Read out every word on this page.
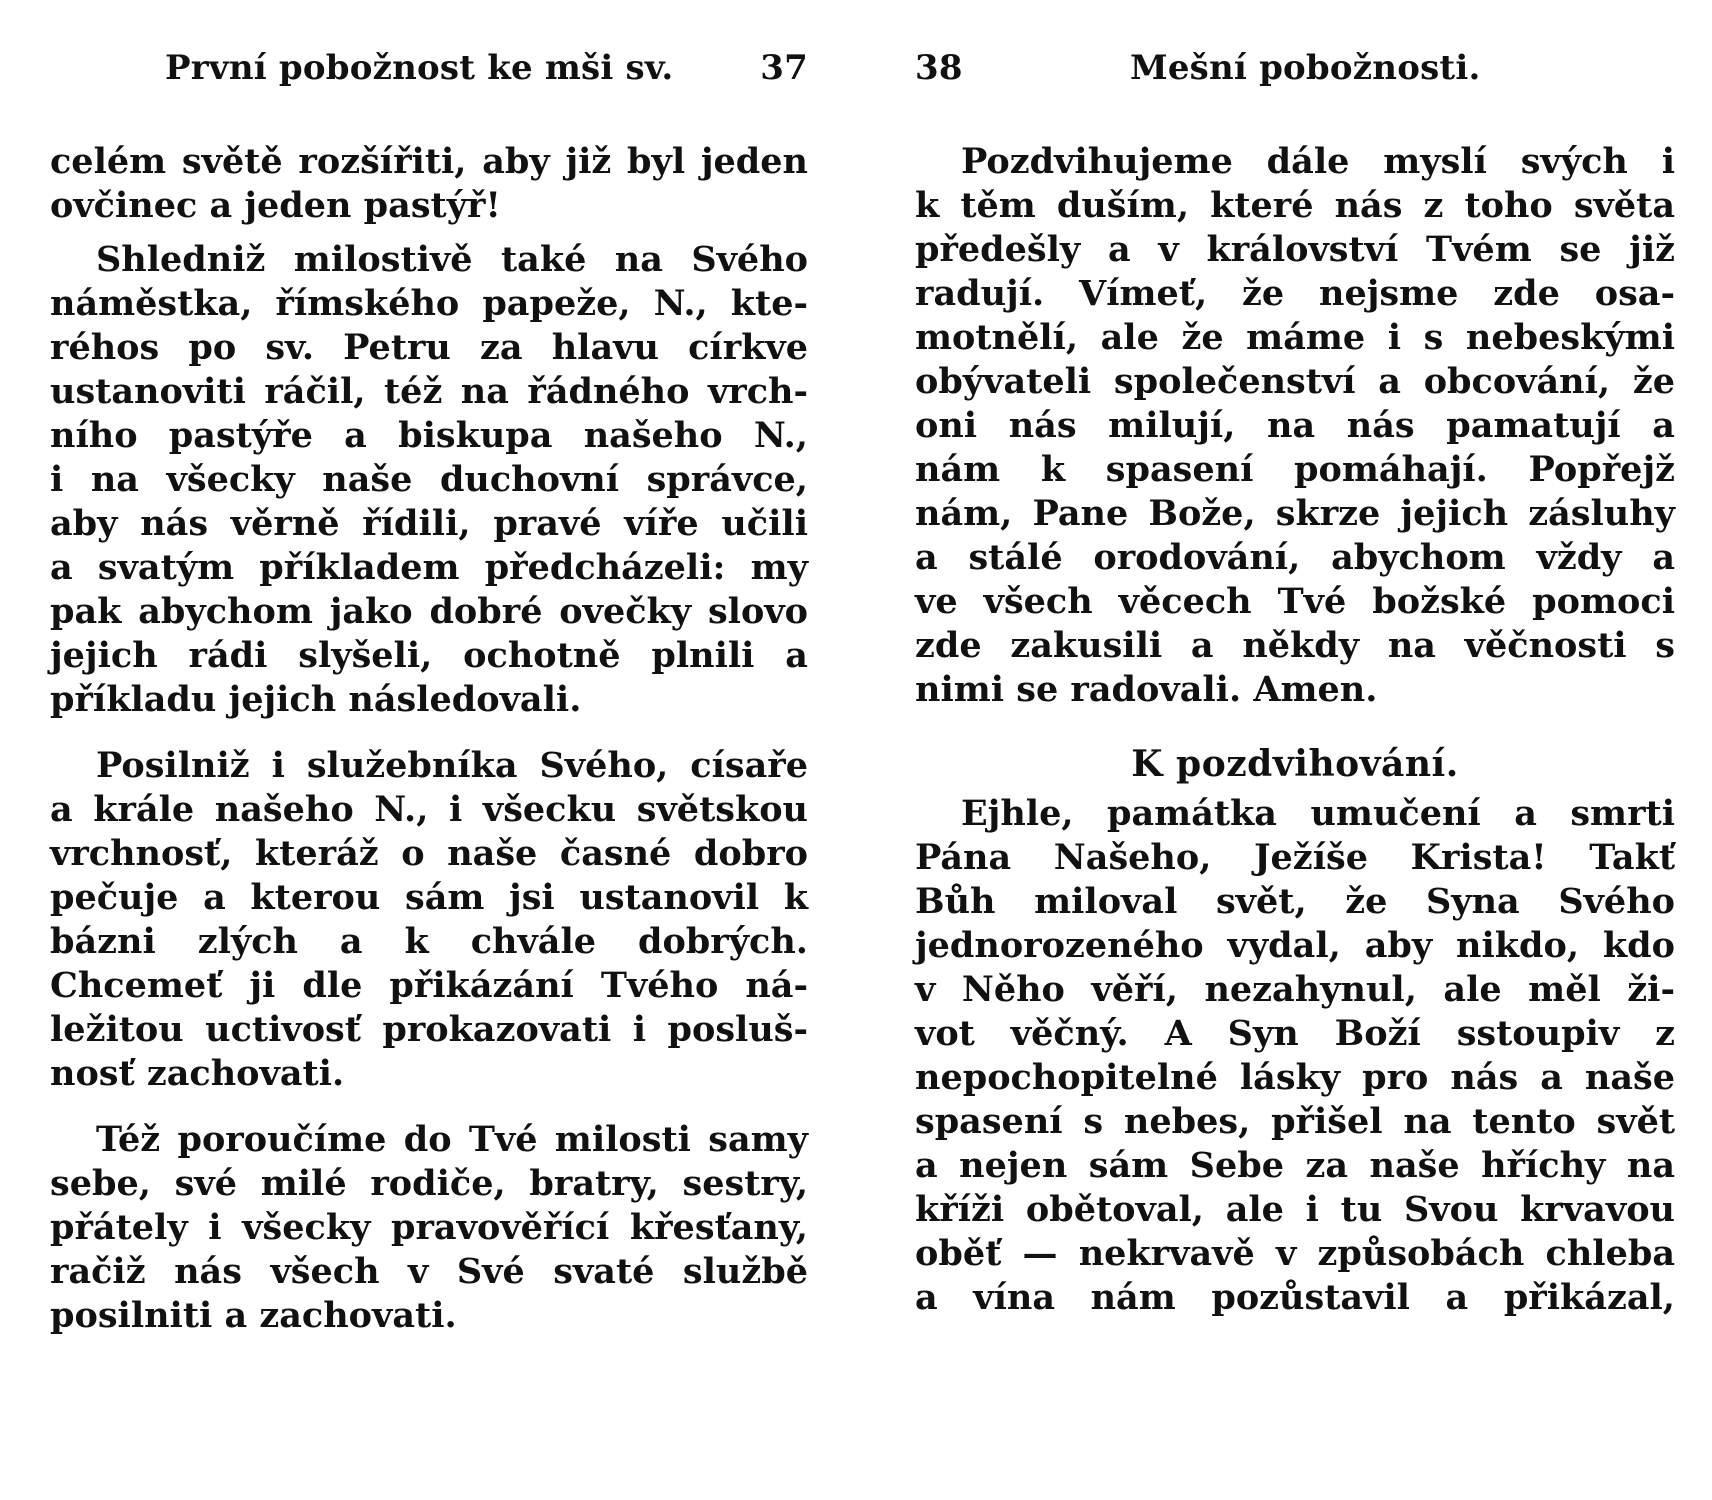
První pobožnost ke mši sv.	37
celém světě rozšířiti, aby již byl jeden
ovčinec a jeden pastýř!
Shledniž milostivě také na Svého
náměstka, římského papeže, N., kte-
réhos po sv. Petru za hlavu církve
ustanoviti ráčil, též na řádného vrch-
ního pastýře a biskupa našeho N.,
i na všecky naše duchovní správce,
aby nás věrně řídili, pravé víře učili
a svatým příkladem předcházeli: my
pak abychom jako dobré ovečky slovo
jejich rádi slyšeli, ochotně plnili a
příkladu jejich následovali.
Posilniž i služebníka Svého, císaře
a krále našeho N., i všecku světskou
vrchnosť, kteráž o naše časné dobro
pečuje a kterou sám jsi ustanovil k
bázni zlých a k chvále dobrých.
Chcemeť ji dle přikázání Tvého ná-
ležitou uctivosť prokazovati i posluš-
nosť zachovati.
Též poroučíme do Tvé milosti samy
sebe, své milé rodiče, bratry, sestry,
přátely i všecky pravověřící křesťany,
račiž nás všech v Své svaté službě
posilniti a zachovati.
38	Mešní pobožnosti.
Pozdvihujeme dále myslí svých i
k těm duším, které nás z toho světa
předešly a v království Tvém se již
radují. Vímeť, že nejsme zde osa-
motnělí, ale že máme i s nebeskými
obývateli společenství a obcování, že
oni nás milují, na nás pamatují a
nám k spasení pomáhají. Popřejž
nám, Pane Bože, skrze jejich zásluhy
a stálé orodování, abychom vždy a
ve všech věcech Tvé božské pomoci
zde zakusili a někdy na věčnosti s
nimi se radovali. Amen.
K pozdvihování.
Ejhle, památka umučení a smrti
Pána Našeho, Ježíše Krista! Takť
Bůh miloval svět, že Syna Svého
jednorozeného vydal, aby nikdo, kdo
v Něho věří, nezahynul, ale měl ži-
vot věčný. A Syn Boží sstoupiv z
nepochopitelné lásky pro nás a naše
spasení s nebes, přišel na tento svět
a nejen sám Sebe za naše hříchy na
kříži obětoval, ale i tu Svou krvavou
oběť — nekrvavě v způsobách chleba
a vína nám pozůstavil a přikázal,
